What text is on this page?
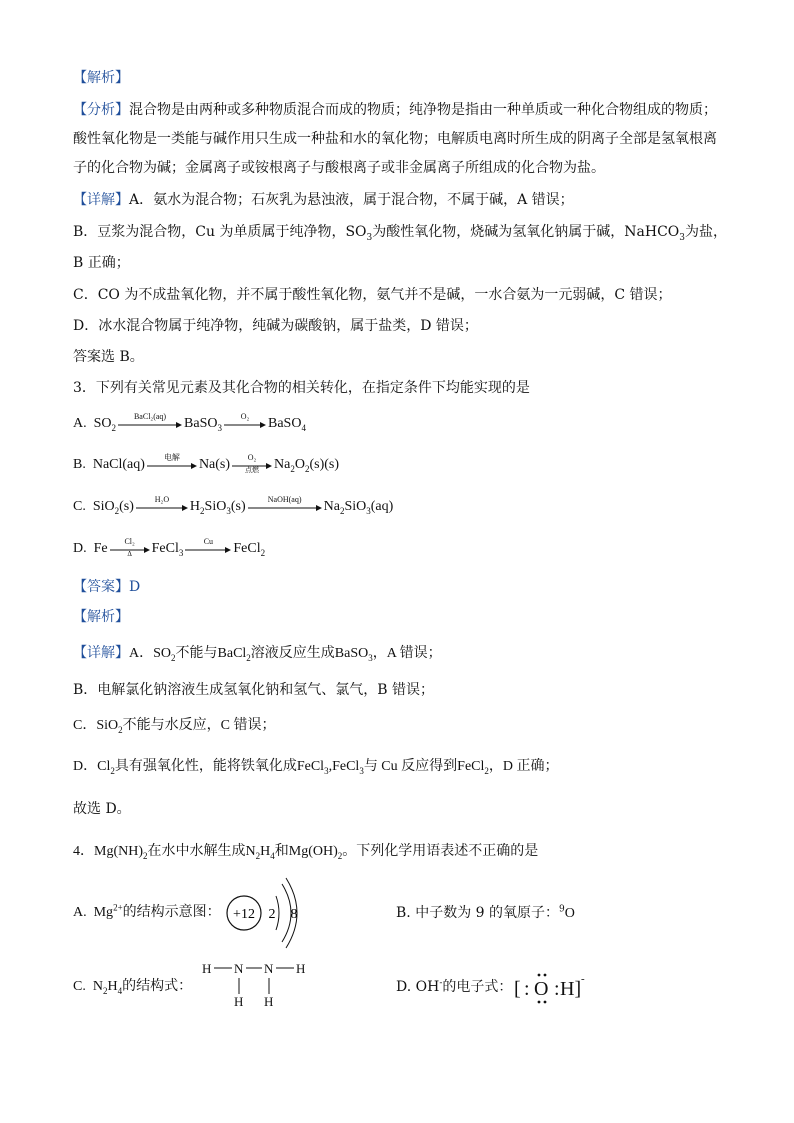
【解析】
【分析】混合物是由两种或多种物质混合而成的物质；纯净物是指由一种单质或一种化合物组成的物质；
酸性氧化物是一类能与碱作用只生成一种盐和水的氧化物；电解质电离时所生成的阴离子全部是氢氧根离
子的化合物为碱；金属离子或铵根离子与酸根离子或非金属离子所组成的化合物为盐。
【详解】A．氨水为混合物；石灰乳为悬浊液，属于混合物，不属于碱，A 错误；
B．豆浆为混合物，Cu 为单质属于纯净物，$SO_3$为酸性氧化物，烧碱为氢氧化钠属于碱，NaHCO$_3$为盐，
B 正确；
C．CO 为不成盐氧化物，并不属于酸性氧化物，氨气并不是碱，一水合氨为一元弱碱，C 错误；
D．冰水混合物属于纯净物，纯碱为碳酸钠，属于盐类，D 错误；
答案选 B。
3．下列有关常见元素及其化合物的相关转化，在指定条件下均能实现的是
A.  $SO_2$
BaCl₂(aq)	BaSO$_3$
O₂	BaSO$_4$
B.  NaCl(aq)	电解	Na(s)	O₂
点燃	$Na_2O_2(s)(s)$
C.  SiO$_2$(s)	H₂O	$H_2SiO_3(s)$	NaOH(aq)	$Na_2SiO_3(aq)$
D.  Fe	Cl₂
Δ	FeCl$_3$
Cu	FeCl$_2$
【答案】D
【解析】
【详解】A．$SO_2$不能与BaCl$_2$溶液反应生成BaSO$_3$，A 错误；
B．电解氯化钠溶液生成氢氧化钠和氢气、氯气，B 错误；
C．SiO$_2$不能与水反应，C 错误；
D．$Cl_2$具有强氧化性，能将铁氧化成FeCl$_3$,FeCl$_3$与 Cu 反应得到FeCl$_2$，D 正确；
故选 D。
4．$Mg(NH)_2$在水中水解生成$N_2H_4$和$Mg(OH)_2$。下列化学用语表述不正确的是
A.  $Mg^{2+}$的结构示意图： +12 2 8	B. 中子数为 9 的氧原子：$^9$O
C.  $N_2H_4$的结构式：
H N N H
H H
D. OH-的电子式： [ : O : H] -
